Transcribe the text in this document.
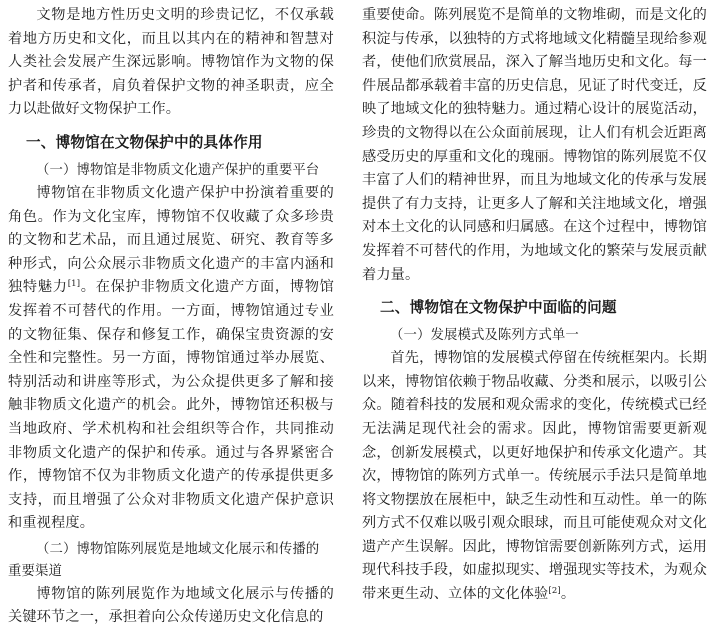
文物是地方性历史文明的珍贵记忆，不仅承载着地方历史和文化，而且以其内在的精神和智慧对人类社会发展产生深远影响。博物馆作为文物的保护者和传承者，肩负着保护文物的神圣职责，应全力以赴做好文物保护工作。

一、博物馆在文物保护中的具体作用
（一）博物馆是非物质文化遗产保护的重要平台

博物馆在非物质文化遗产保护中扮演着重要的角色。作为文化宝库，博物馆不仅收藏了众多珍贵的文物和艺术品，而且通过展览、研究、教育等多种形式，向公众展示非物质文化遗产的丰富内涵和独特魅力[1]。在保护非物质文化遗产方面，博物馆发挥着不可替代的作用。一方面，博物馆通过专业的文物征集、保存和修复工作，确保宝贵资源的安全性和完整性。另一方面，博物馆通过举办展览、特别活动和讲座等形式，为公众提供更多了解和接触非物质文化遗产的机会。此外，博物馆还积极与当地政府、学术机构和社会组织等合作，共同推动非物质文化遗产的保护和传承。通过与各界紧密合作，博物馆不仅为非物质文化遗产的传承提供更多支持，而且增强了公众对非物质文化遗产保护意识和重视程度。

（二）博物馆陈列展览是地域文化展示和传播的
重要渠道

博物馆的陈列展览作为地域文化展示与传播的关键环节之一，承担着向公众传递历史文化信息的

重要使命。陈列展览不是简单的文物堆砌，而是文化的积淀与传承，以独特的方式将地域文化精髓呈现给参观者，使他们欣赏展品，深入了解当地历史和文化。每一件展品都承载着丰富的历史信息，见证了时代变迁，反映了地域文化的独特魅力。通过精心设计的展览活动，珍贵的文物得以在公众面前展现，让人们有机会近距离感受历史的厚重和文化的瑰丽。博物馆的陈列展览不仅丰富了人们的精神世界，而且为地域文化的传承与发展提供了有力支持，让更多人了解和关注地域文化，增强对本土文化的认同感和归属感。在这个过程中，博物馆发挥着不可替代的作用，为地域文化的繁荣与发展贡献着力量。

二、博物馆在文物保护中面临的问题
（一）发展模式及陈列方式单一

首先，博物馆的发展模式停留在传统框架内。长期以来，博物馆依赖于物品收藏、分类和展示，以吸引公众。随着科技的发展和观众需求的变化，传统模式已经无法满足现代社会的需求。因此，博物馆需要更新观念，创新发展模式，以更好地保护和传承文化遗产。其次，博物馆的陈列方式单一。传统展示手法只是简单地将文物摆放在展柜中，缺乏生动性和互动性。单一的陈列方式不仅难以吸引观众眼球，而且可能使观众对文化遗产产生误解。因此，博物馆需要创新陈列方式，运用现代科技手段，如虚拟现实、增强现实等技术，为观众带来更生动、立体的文化体验[2]。
